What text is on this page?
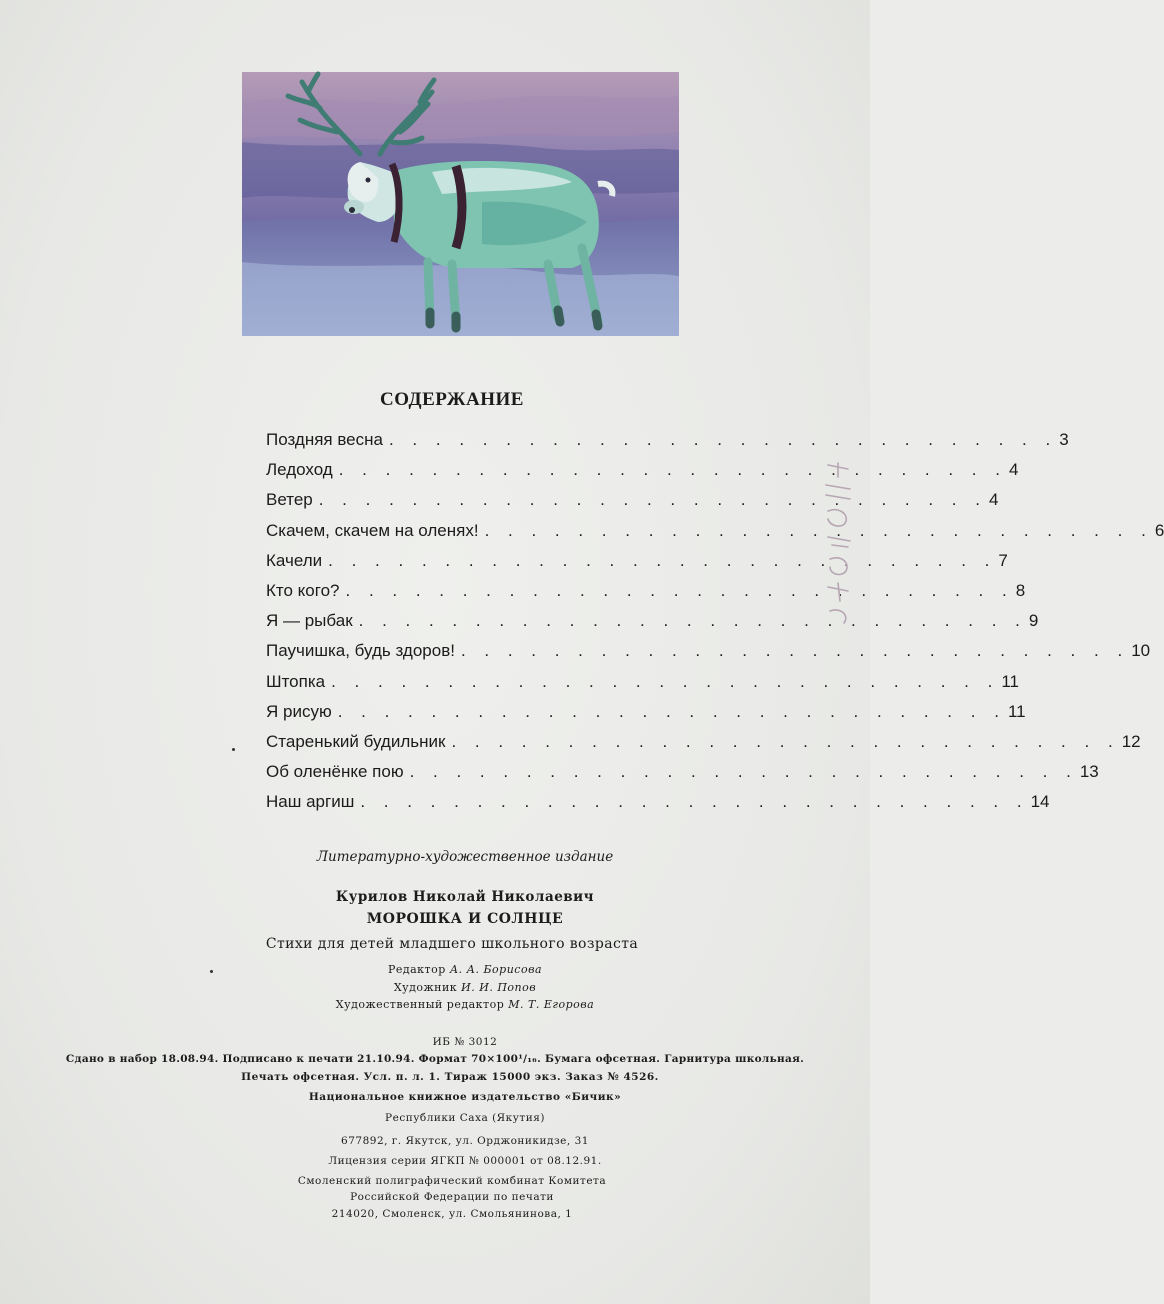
СОДЕРЖАНИЕ
Поздняя весна . . . . . . . . . . . . . . . . . . . . . . . . . . . . . 3
Ледоход . . . . . . . . . . . . . . . . . . . . . . . . . . . . . 4
Ветер . . . . . . . . . . . . . . . . . . . . . . . . . . . . . 4
Скачем, скачем на оленях! . . . . . . . . . . . . . . . . . . . . . . . . . . . . . 6
Качели . . . . . . . . . . . . . . . . . . . . . . . . . . . . . 7
Кто кого? . . . . . . . . . . . . . . . . . . . . . . . . . . . . . 8
Я — рыбак . . . . . . . . . . . . . . . . . . . . . . . . . . . . . 9
Паучишка, будь здоров! . . . . . . . . . . . . . . . . . . . . . . . . . . . . . 10
Штопка . . . . . . . . . . . . . . . . . . . . . . . . . . . . . 11
Я рисую . . . . . . . . . . . . . . . . . . . . . . . . . . . . . 11
Старенький будильник . . . . . . . . . . . . . . . . . . . . . . . . . . . . . 12
Об оленёнке пою . . . . . . . . . . . . . . . . . . . . . . . . . . . . . 13
Наш аргиш . . . . . . . . . . . . . . . . . . . . . . . . . . . . . 14
Литературно-художественное издание
Курилов Николай Николаевич
МОРОШКА И СОЛНЦЕ
Стихи для детей младшего школьного возраста
Редактор А. А. Борисова
Художник И. И. Попов
Художественный редактор М. Т. Егорова
ИБ № 3012
Сдано в набор 18.08.94. Подписано к печати 21.10.94. Формат 70×100¹/₁₆. Бумага офсетная. Гарнитура школьная.
Печать офсетная. Усл. п. л. 1. Тираж 15000 экз. Заказ № 4526.
Национальное книжное издательство «Бичик»
Республики Саха (Якутия)
677892, г. Якутск, ул. Орджоникидзе, 31
Лицензия серии ЯГКП № 000001 от 08.12.91.
Смоленский полиграфический комбинат Комитета
Российской Федерации по печати
214020, Смоленск, ул. Смольянинова, 1
